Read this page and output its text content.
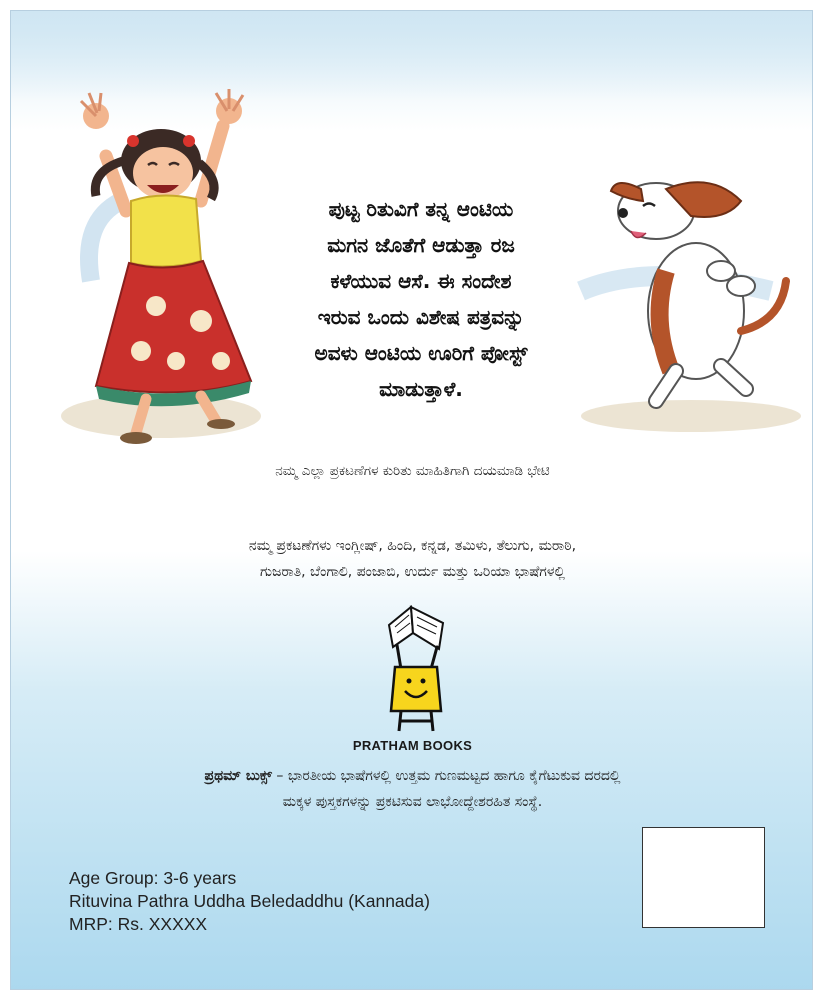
ಪುಟ್ಟ ರಿತುವಿಗೆ ತನ್ನ ಆಂಟಿಯ
ಮಗನ ಜೊತೆಗೆ ಆಡುತ್ತಾ ರಜ
ಕಳೆಯುವ ಆಸೆ. ಈ ಸಂದೇಶ
ಇರುವ ಒಂದು ವಿಶೇಷ ಪತ್ರವನ್ನು
ಅವಳು ಆಂಟಿಯ ಊರಿಗೆ ಪೋಸ್ಟ್
ಮಾಡುತ್ತಾಳೆ.
ನಮ್ಮ ಎಲ್ಲಾ ಪ್ರಕಟಣೆಗಳ ಕುರಿತು ಮಾಹಿತಿಗಾಗಿ ದಯಮಾಡಿ ಭೇಟಿ
ನಮ್ಮ ಪ್ರಕಟಣೆಗಳು ಇಂಗ್ಲೀಷ್, ಹಿಂದಿ, ಕನ್ನಡ, ತಮಿಳು, ತೆಲುಗು, ಮರಾಠಿ,
ಗುಜರಾತಿ, ಬೆಂಗಾಲಿ, ಪಂಜಾಬಿ, ಉರ್ದು ಮತ್ತು ಒರಿಯಾ ಭಾಷೆಗಳಲ್ಲಿ
PRATHAM BOOKS
ಪ್ರಥಮ್ ಬುಕ್ಸ್ – ಭಾರತೀಯ ಭಾಷೆಗಳಲ್ಲಿ ಉತ್ತಮ ಗುಣಮಟ್ಟದ ಹಾಗೂ ಕೈಗೆಟುಕುವ ದರದಲ್ಲಿ
ಮಕ್ಕಳ ಪುಸ್ತಕಗಳನ್ನು ಪ್ರಕಟಿಸುವ ಲಾಭೋದ್ದೇಶರಹಿತ ಸಂಸ್ಥೆ.
Age Group: 3-6 years
Rituvina Pathra Uddha Beledaddhu (Kannada)
MRP: Rs. XXXXX
